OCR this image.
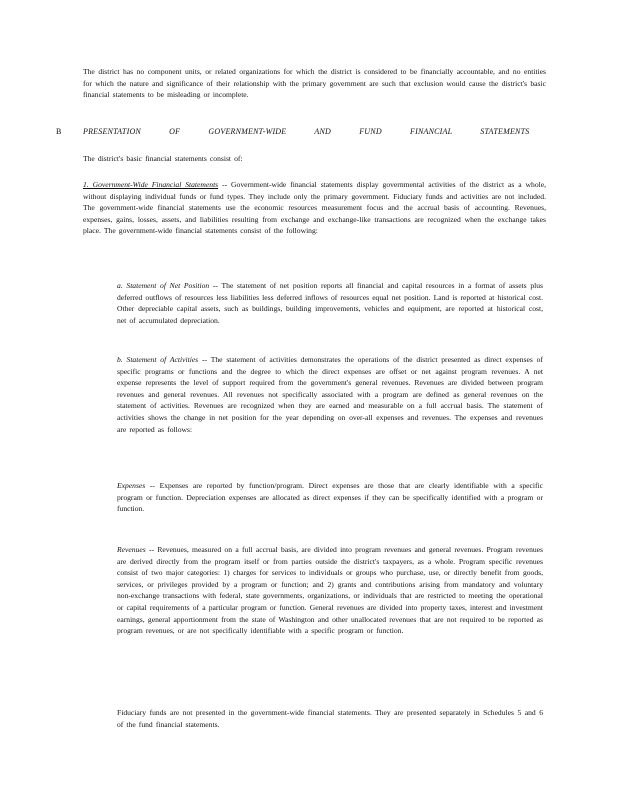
The district has no component units, or related organizations for which the district is considered to be financially accountable, and no entities for which the nature and significance of their relationship with the primary government are such that exclusion would cause the district's basic financial statements to be misleading or incomplete.
B	PRESENTATION OF GOVERNMENT-WIDE AND FUND FINANCIAL STATEMENTS
The district's basic financial statements consist of:
1. Government-Wide Financial Statements -- Government-wide financial statements display governmental activities of the district as a whole, without displaying individual funds or fund types. They include only the primary government. Fiduciary funds and activities are not included. The government-wide financial statements use the economic resources measurement focus and the accrual basis of accounting. Revenues, expenses, gains, losses, assets, and liabilities resulting from exchange and exchange-like transactions are recognized when the exchange takes place. The government-wide financial statements consist of the following:
a. Statement of Net Position -- The statement of net position reports all financial and capital resources in a format of assets plus deferred outflows of resources less liabilities less deferred inflows of resources equal net position. Land is reported at historical cost. Other depreciable capital assets, such as buildings, building improvements, vehicles and equipment, are reported at historical cost, net of accumulated depreciation.
b. Statement of Activities -- The statement of activities demonstrates the operations of the district presented as direct expenses of specific programs or functions and the degree to which the direct expenses are offset or net against program revenues. A net expense represents the level of support required from the government's general revenues. Revenues are divided between program revenues and general revenues. All revenues not specifically associated with a program are defined as general revenues on the statement of activities. Revenues are recognized when they are earned and measurable on a full accrual basis. The statement of activities shows the change in net position for the year depending on over-all expenses and revenues. The expenses and revenues are reported as follows:
Expenses -- Expenses are reported by function/program. Direct expenses are those that are clearly identifiable with a specific program or function. Depreciation expenses are allocated as direct expenses if they can be specifically identified with a program or function.
Revenues -- Revenues, measured on a full accrual basis, are divided into program revenues and general revenues. Program revenues are derived directly from the program itself or from parties outside the district's taxpayers, as a whole. Program specific revenues consist of two major categories: 1) charges for services to individuals or groups who purchase, use, or directly benefit from goods, services, or privileges provided by a program or function; and 2) grants and contributions arising from mandatory and voluntary non-exchange transactions with federal, state governments, organizations, or individuals that are restricted to meeting the operational or capital requirements of a particular program or function. General revenues are divided into property taxes, interest and investment earnings, general apportionment from the state of Washington and other unallocated revenues that are not required to be reported as program revenues, or are not specifically identifiable with a specific program or function.
Fiduciary funds are not presented in the government-wide financial statements. They are presented separately in Schedules 5 and 6 of the fund financial statements.
